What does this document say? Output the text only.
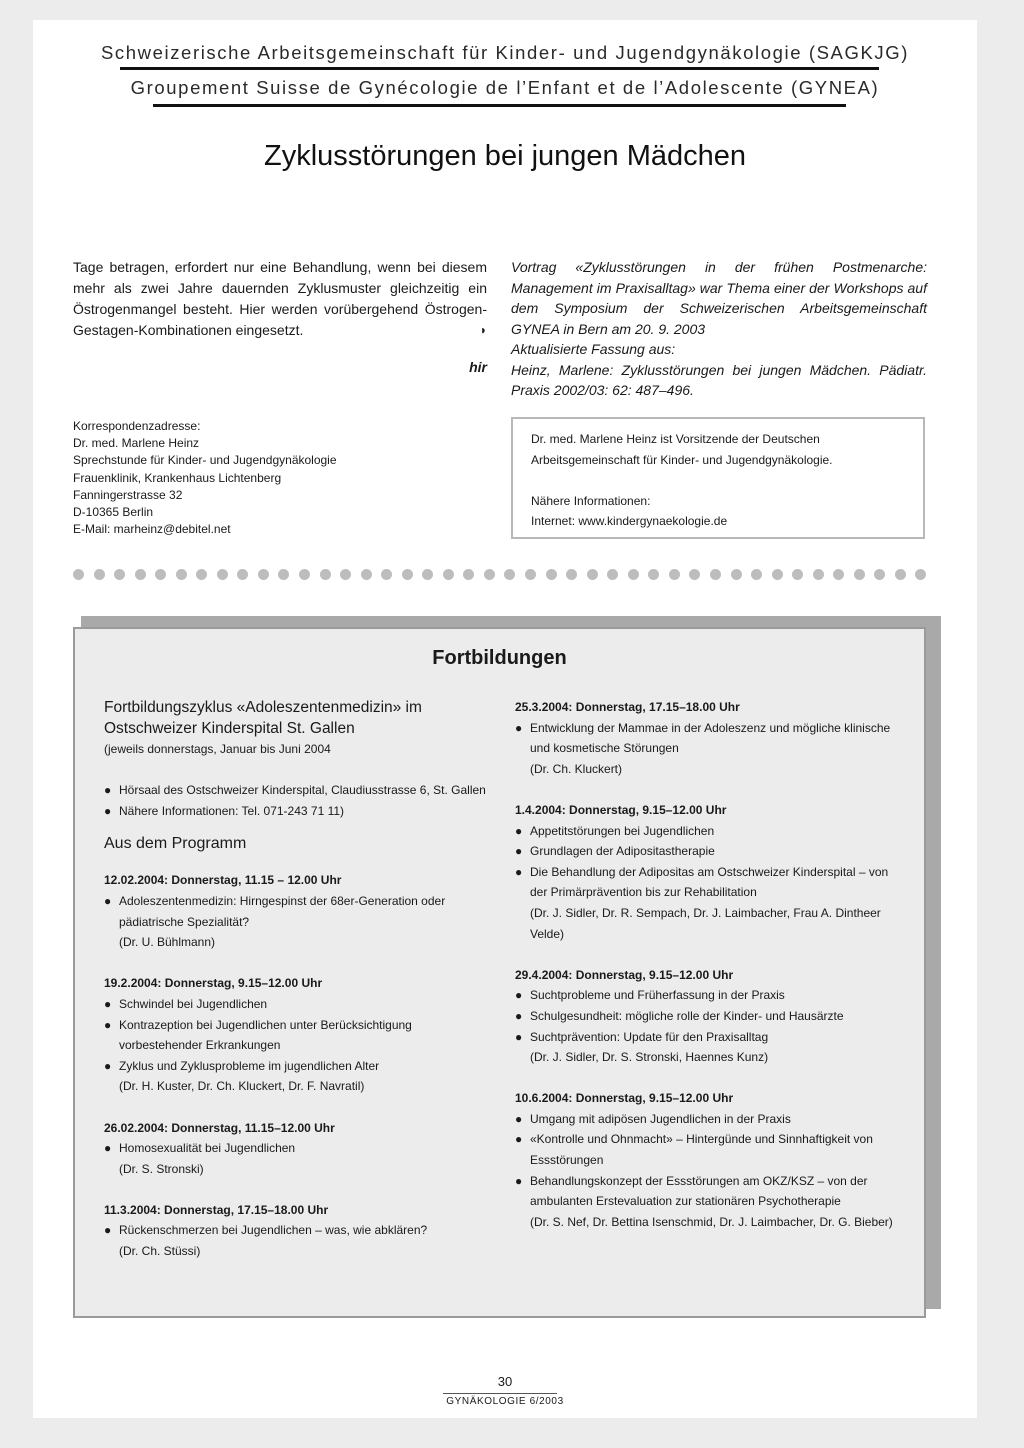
Schweizerische Arbeitsgemeinschaft für Kinder- und Jugendgynäkologie (SAGKJG)
Groupement Suisse de Gynécologie de l’Enfant et de l’Adolescente (GYNEA)
Zyklusstörungen bei jungen Mädchen
Tage betragen, erfordert nur eine Behandlung, wenn bei diesem mehr als zwei Jahre dauernden Zyklusmuster gleichzeitig ein Östrogenmangel besteht. Hier werden vorübergehend Östrogen-Gestagen-Kombinationen eingesetzt.	◗
hir
Vortrag «Zyklusstörungen in der frühen Postmenarche: Management im Praxisalltag» war Thema einer der Workshops auf dem Symposium der Schweizerischen Arbeitsgemeinschaft GYNEA in Bern am 20. 9. 2003
Aktualisierte Fassung aus:
Heinz, Marlene: Zyklusstörungen bei jungen Mädchen. Pädiatr. Praxis 2002/03: 62: 487–496.
Korrespondenzadresse:
Dr. med. Marlene Heinz
Sprechstunde für Kinder- und Jugendgynäkologie
Frauenklinik, Krankenhaus Lichtenberg
Fanningerstrasse 32
D-10365 Berlin
E-Mail: marheinz@debitel.net
Dr. med. Marlene Heinz ist Vorsitzende der Deutschen Arbeitsgemeinschaft für Kinder- und Jugendgynäkologie.
Nähere Informationen:
Internet: www.kindergynaekologie.de
Fortbildungen
Fortbildungszyklus «Adoleszentenmedizin» im Ostschweizer Kinderspital St. Gallen
(jeweils donnerstags, Januar bis Juni 2004
● Hörsaal des Ostschweizer Kinderspital, Claudiusstrasse 6, St. Gallen
● Nähere Informationen: Tel. 071-243 71 11)
Aus dem Programm
12.02.2004: Donnerstag, 11.15 – 12.00 Uhr
● Adoleszentenmedizin: Hirngespinst der 68er-Generation oder pädiatrische Spezialität?
(Dr. U. Bühlmann)
19.2.2004: Donnerstag, 9.15–12.00 Uhr
● Schwindel bei Jugendlichen
● Kontrazeption bei Jugendlichen unter Berücksichtigung vorbestehender Erkrankungen
● Zyklus und Zyklusprobleme im jugendlichen Alter
(Dr. H. Kuster, Dr. Ch. Kluckert, Dr. F. Navratil)
26.02.2004: Donnerstag, 11.15–12.00 Uhr
● Homosexualität bei Jugendlichen
(Dr. S. Stronski)
11.3.2004: Donnerstag, 17.15–18.00 Uhr
● Rückenschmerzen bei Jugendlichen – was, wie abklären?
(Dr. Ch. Stüssi)
25.3.2004: Donnerstag, 17.15–18.00 Uhr
● Entwicklung der Mammae in der Adoleszenz und mögliche klinische und kosmetische Störungen
(Dr. Ch. Kluckert)
1.4.2004: Donnerstag, 9.15–12.00 Uhr
● Appetitstörungen bei Jugendlichen
● Grundlagen der Adipositastherapie
● Die Behandlung der Adipositas am Ostschweizer Kinderspital – von der Primärprävention bis zur Rehabilitation
(Dr. J. Sidler, Dr. R. Sempach, Dr. J. Laimbacher, Frau A. Dintheer Velde)
29.4.2004: Donnerstag, 9.15–12.00 Uhr
● Suchtprobleme und Früherfassung in der Praxis
● Schulgesundheit: mögliche rolle der Kinder- und Hausärzte
● Suchtprävention: Update für den Praxisalltag
(Dr. J. Sidler, Dr. S. Stronski, Haennes Kunz)
10.6.2004: Donnerstag, 9.15–12.00 Uhr
● Umgang mit adipösen Jugendlichen in der Praxis
● «Kontrolle und Ohnmacht» – Hintergünde und Sinnhaftigkeit von Essstörungen
● Behandlungskonzept der Essstörungen am OKZ/KSZ – von der ambulanten Erstevaluation zur stationären Psychotherapie
(Dr. S. Nef, Dr. Bettina Isenschmid, Dr. J. Laimbacher, Dr. G. Bieber)
30
GYNÄKOLOGIE 6/2003
